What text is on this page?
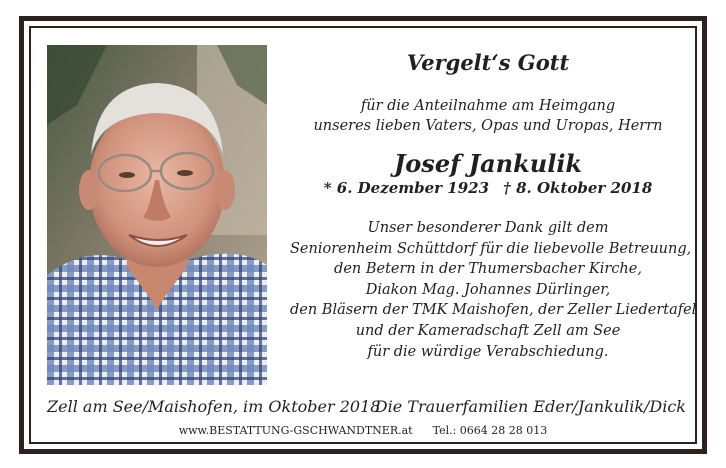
Vergelt‘s Gott
für die Anteilnahme am Heimgang
unseres lieben Vaters, Opas und Uropas, Herrn
Josef Jankulik
* 6. Dezember 1923 † 8. Oktober 2018
Unser besonderer Dank gilt dem
Seniorenheim Schüttdorf für die liebevolle Betreuung,
den Betern in der Thumersbacher Kirche,
Diakon Mag. Johannes Dürlinger,
den Bläsern der TMK Maishofen, der Zeller Liedertafel
und der Kameradschaft Zell am See
für die würdige Verabschiedung.
Zell am See/Maishofen, im Oktober 2018
Die Trauerfamilien Eder/Jankulik/Dick
www.BESTATTUNG-GSCHWANDTNER.at Tel.: 0664 28 28 013
